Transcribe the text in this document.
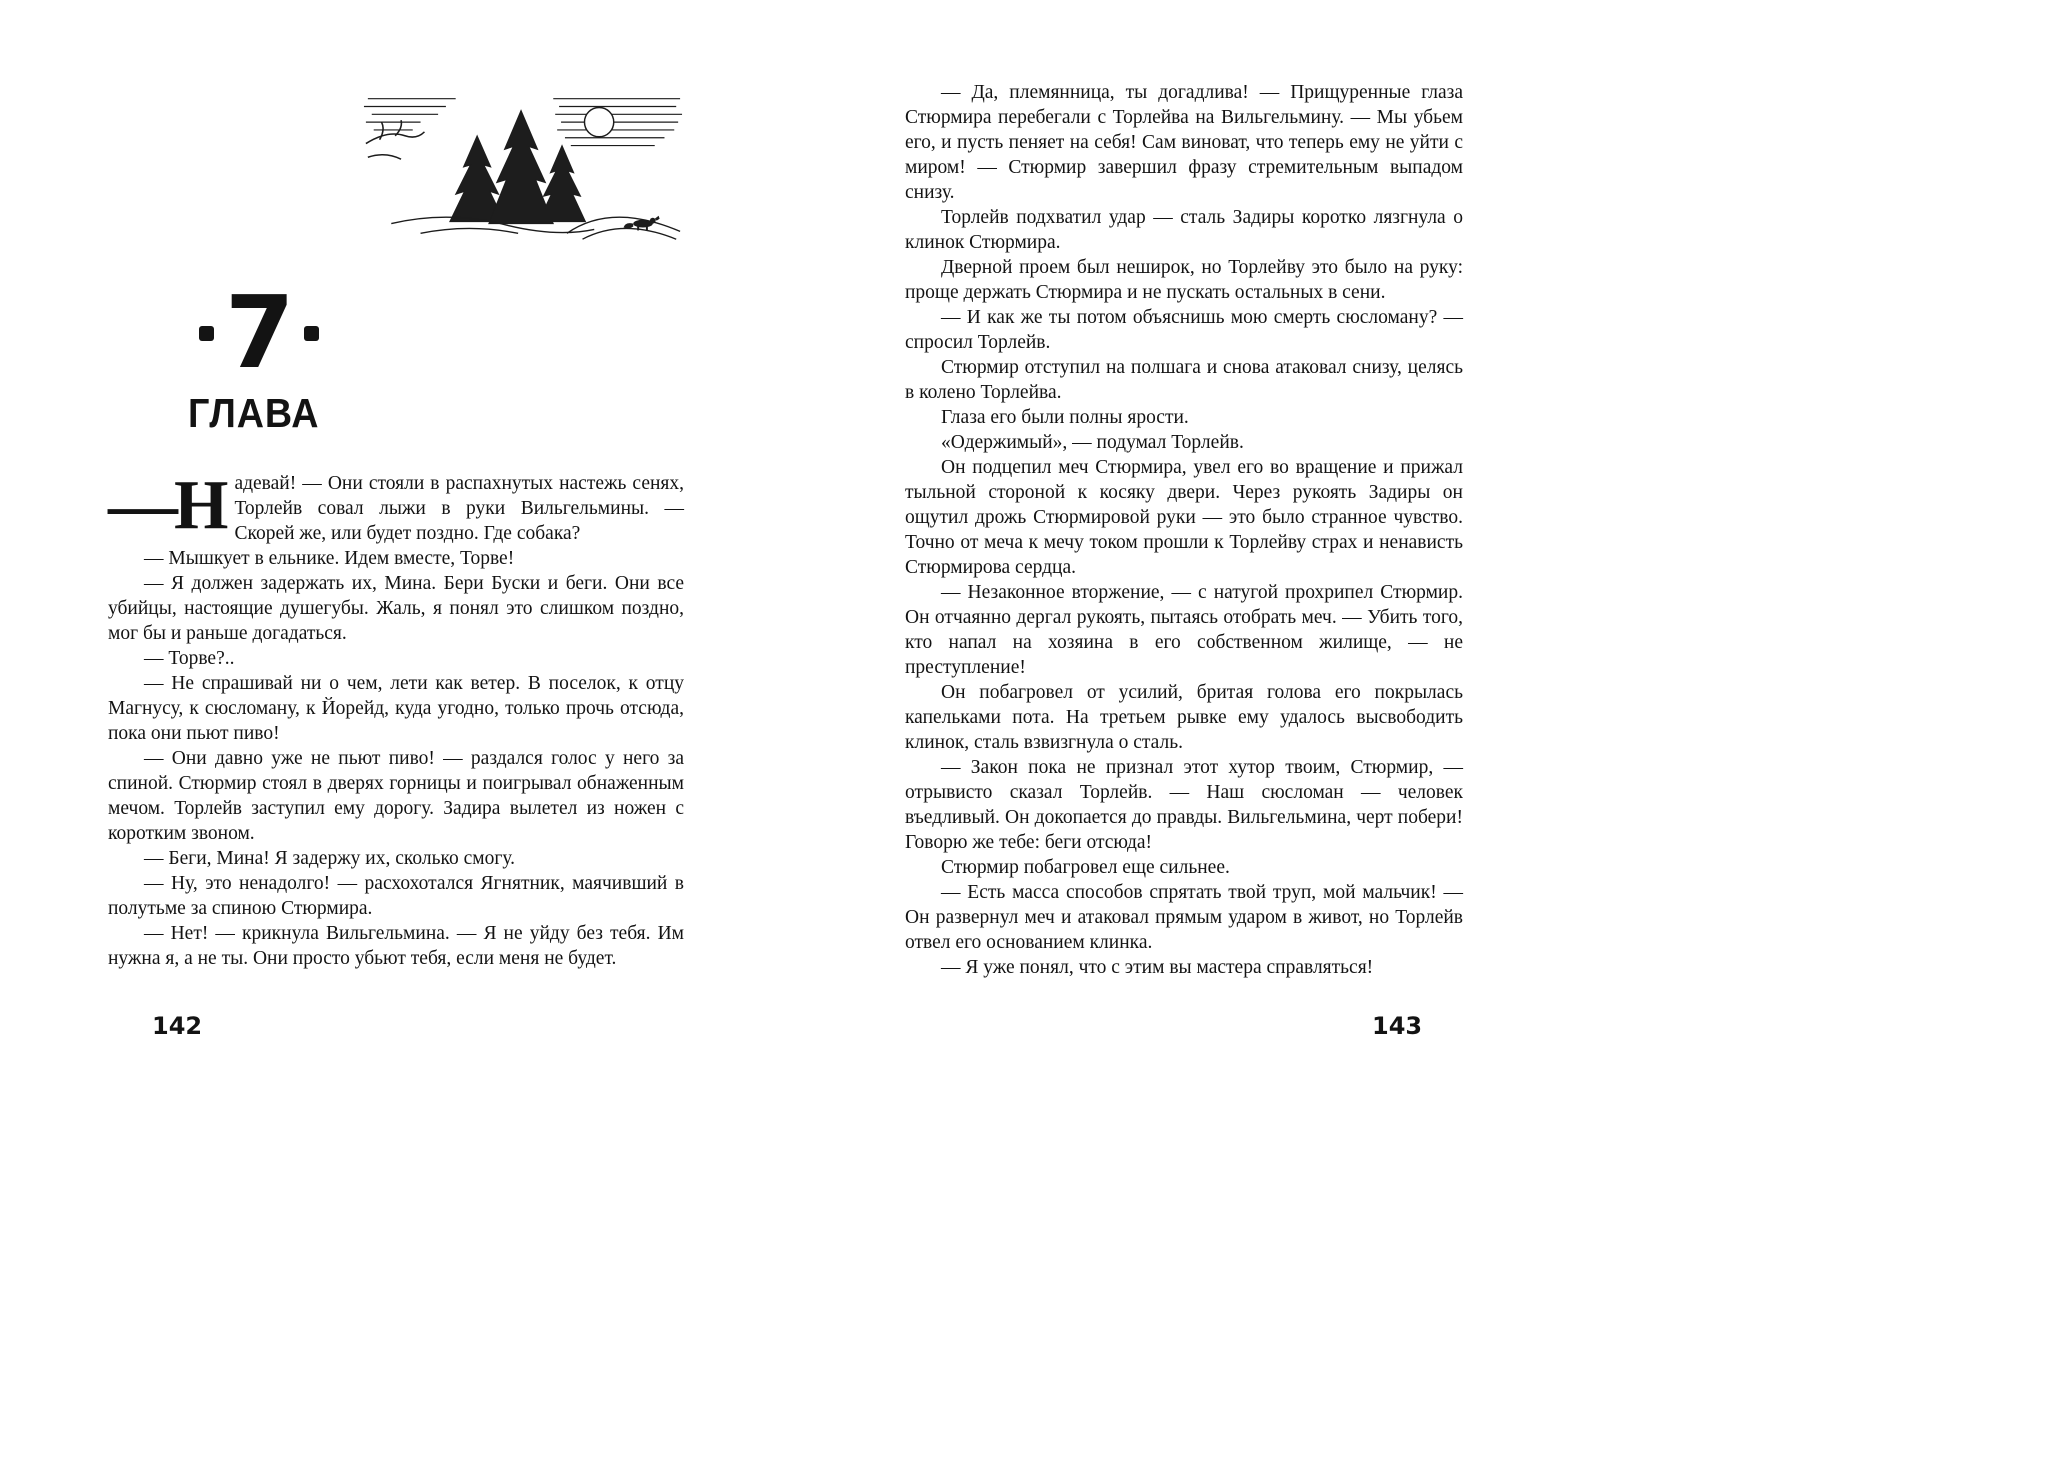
7
ГЛАВА

—Н адевай! — Они стояли в распахнутых настежь сенях, Торлейв совал лыжи в руки Вильгельмины. — Скорей же, или будет поздно. Где собака?

— Мышкует в ельнике. Идем вместе, Торве!

— Я должен задержать их, Мина. Бери Буски и беги. Они все убийцы, настоящие душегубы. Жаль, я понял это слишком поздно, мог бы и раньше догадаться.

— Торве?..

— Не спрашивай ни о чем, лети как ветер. В поселок, к отцу Магнусу, к сюсломану, к Йорейд, куда угодно, только прочь отсюда, пока они пьют пиво!

— Они давно уже не пьют пиво! — раздался голос у него за спиной. Стюрмир стоял в дверях горницы и поигрывал обнаженным мечом. Торлейв заступил ему дорогу. Задира вылетел из ножен с коротким звоном.

— Беги, Мина! Я задержу их, сколько смогу.

— Ну, это ненадолго! — расхохотался Ягнятник, маячивший в полутьме за спиною Стюрмира.

— Нет! — крикнула Вильгельмина. — Я не уйду без тебя. Им нужна я, а не ты. Они просто убьют тебя, если меня не будет.

— Да, племянница, ты догадлива! — Прищуренные глаза Стюрмира перебегали с Торлейва на Вильгельмину. — Мы убьем его, и пусть пеняет на себя! Сам виноват, что теперь ему не уйти с миром! — Стюрмир завершил фразу стремительным выпадом снизу.

Торлейв подхватил удар — сталь Задиры коротко лязгнула о клинок Стюрмира.

Дверной проем был неширок, но Торлейву это было на руку: проще держать Стюрмира и не пускать остальных в сени.

— И как же ты потом объяснишь мою смерть сюсломану? — спросил Торлейв.

Стюрмир отступил на полшага и снова атаковал снизу, целясь в колено Торлейва.

Глаза его были полны ярости.

«Одержимый», — подумал Торлейв.

Он подцепил меч Стюрмира, увел его во вращение и прижал тыльной стороной к косяку двери. Через рукоять Задиры он ощутил дрожь Стюрмировой руки — это было странное чувство. Точно от меча к мечу током прошли к Торлейву страх и ненависть Стюрмирова сердца.

— Незаконное вторжение, — с натугой прохрипел Стюрмир. Он отчаянно дергал рукоять, пытаясь отобрать меч. — Убить того, кто напал на хозяина в его собственном жилище, — не преступление!

Он побагровел от усилий, бритая голова его покрылась капельками пота. На третьем рывке ему удалось высвободить клинок, сталь взвизгнула о сталь.

— Закон пока не признал этот хутор твоим, Стюрмир, — отрывисто сказал Торлейв. — Наш сюсломан — человек въедливый. Он докопается до правды. Вильгельмина, черт побери! Говорю же тебе: беги отсюда!

Стюрмир побагровел еще сильнее.

— Есть масса способов спрятать твой труп, мой мальчик! — Он развернул меч и атаковал прямым ударом в живот, но Торлейв отвел его основанием клинка.

— Я уже понял, что с этим вы мастера справляться!

142	143
